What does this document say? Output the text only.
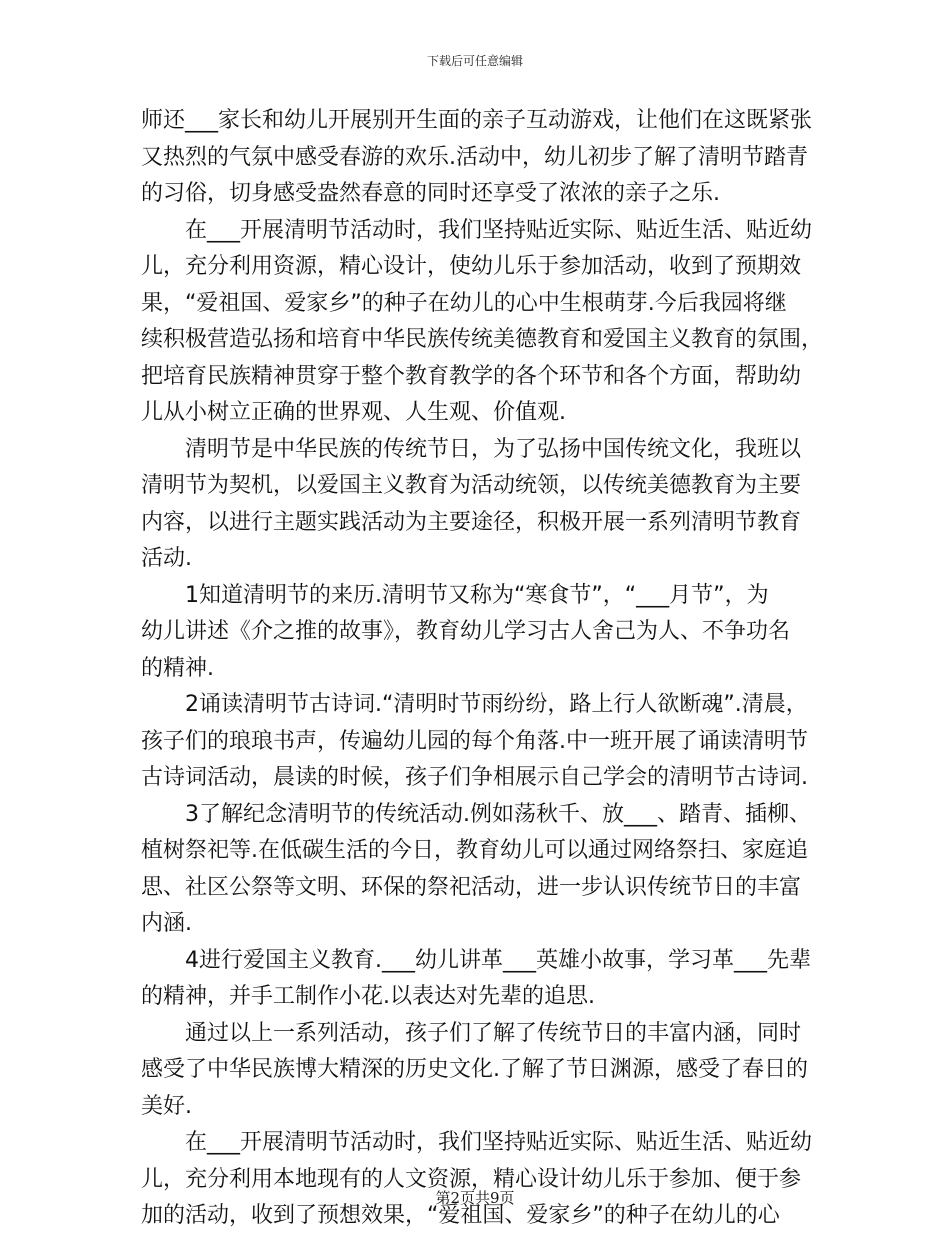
下载后可任意编辑
师还___家长和幼儿开展别开生面的亲子互动游戏，让他们在这既紧张
又热烈的气氛中感受春游的欢乐.活动中，幼儿初步了解了清明节踏青
的习俗，切身感受盎然春意的同时还享受了浓浓的亲子之乐.
在___开展清明节活动时，我们坚持贴近实际、贴近生活、贴近幼
儿，充分利用资源，精心设计，使幼儿乐于参加活动，收到了预期效
果，“爱祖国、爱家乡”的种子在幼儿的心中生根萌芽.今后我园将继
续积极营造弘扬和培育中华民族传统美德教育和爱国主义教育的氛围，
把培育民族精神贯穿于整个教育教学的各个环节和各个方面，帮助幼
儿从小树立正确的世界观、人生观、价值观.
清明节是中华民族的传统节日，为了弘扬中国传统文化，我班以
清明节为契机，以爱国主义教育为活动统领，以传统美德教育为主要
内容，以进行主题实践活动为主要途径，积极开展一系列清明节教育
活动.
1知道清明节的来历.清明节又称为“寒食节”，“___月节”，为
幼儿讲述《介之推的故事》，教育幼儿学习古人舍己为人、不争功名
的精神.
2诵读清明节古诗词.“清明时节雨纷纷，路上行人欲断魂”.清晨，
孩子们的琅琅书声，传遍幼儿园的每个角落.中一班开展了诵读清明节
古诗词活动，晨读的时候，孩子们争相展示自己学会的清明节古诗词.
3了解纪念清明节的传统活动.例如荡秋千、放___、踏青、插柳、
植树祭祀等.在低碳生活的今日，教育幼儿可以通过网络祭扫、家庭追
思、社区公祭等文明、环保的祭祀活动，进一步认识传统节日的丰富
内涵.
4进行爱国主义教育.___幼儿讲革___英雄小故事，学习革___先辈
的精神，并手工制作小花.以表达对先辈的追思.
通过以上一系列活动，孩子们了解了传统节日的丰富内涵，同时
感受了中华民族博大精深的历史文化.了解了节日渊源，感受了春日的
美好.
在___开展清明节活动时，我们坚持贴近实际、贴近生活、贴近幼
儿，充分利用本地现有的人文资源，精心设计幼儿乐于参加、便于参
加的活动，收到了预想效果，“爱祖国、爱家乡”的种子在幼儿的心
第2页共9页
